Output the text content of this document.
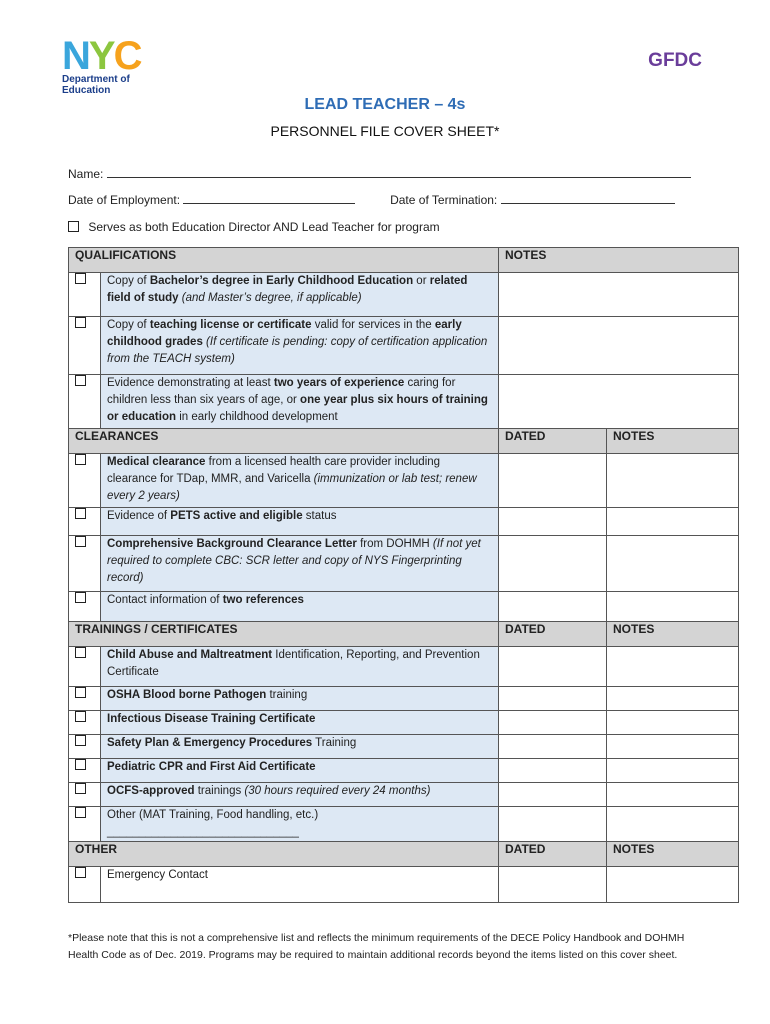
N Y C
Department of
Education
GFDC
LEAD TEACHER – 4s
PERSONNEL FILE COVER SHEET*
Name:
Date of Employment:	Date of Termination:
Serves as both Education Director AND Lead Teacher for program
QUALIFICATIONS		NOTES	
	Copy of Bachelor’s degree in Early Childhood Education or related field of study (and Master’s degree, if applicable)		
	Copy of teaching license or certificate valid for services in the early childhood grades (If certificate is pending: copy of certification application from the TEACH system)		
	Evidence demonstrating at least two years of experience caring for children less than six years of age, or one year plus six hours of training or education in early childhood development		
CLEARANCES		DATED	NOTES
	Medical clearance from a licensed health care provider including clearance for TDap, MMR, and Varicella (immunization or lab test; renew every 2 years)		
	Evidence of PETS active and eligible status		
	Comprehensive Background Clearance Letter from DOHMH (If not yet required to complete CBC: SCR letter and copy of NYS Fingerprinting record)		
	Contact information of two references		
TRAININGS / CERTIFICATES		DATED	NOTES
	Child Abuse and Maltreatment Identification, Reporting, and Prevention Certificate		
	OSHA Blood borne Pathogen training		
	Infectious Disease Training Certificate		
	Safety Plan & Emergency Procedures Training		
	Pediatric CPR and First Aid Certificate		
	OCFS-approved trainings (30 hours required every 24 months)		
	Other (MAT Training, Food handling, etc.)
______________________________		
OTHER		DATED	NOTES
	Emergency Contact		
*Please note that this is not a comprehensive list and reflects the minimum requirements of the DECE Policy Handbook and DOHMH Health Code as of Dec. 2019. Programs may be required to maintain additional records beyond the items listed on this cover sheet.
